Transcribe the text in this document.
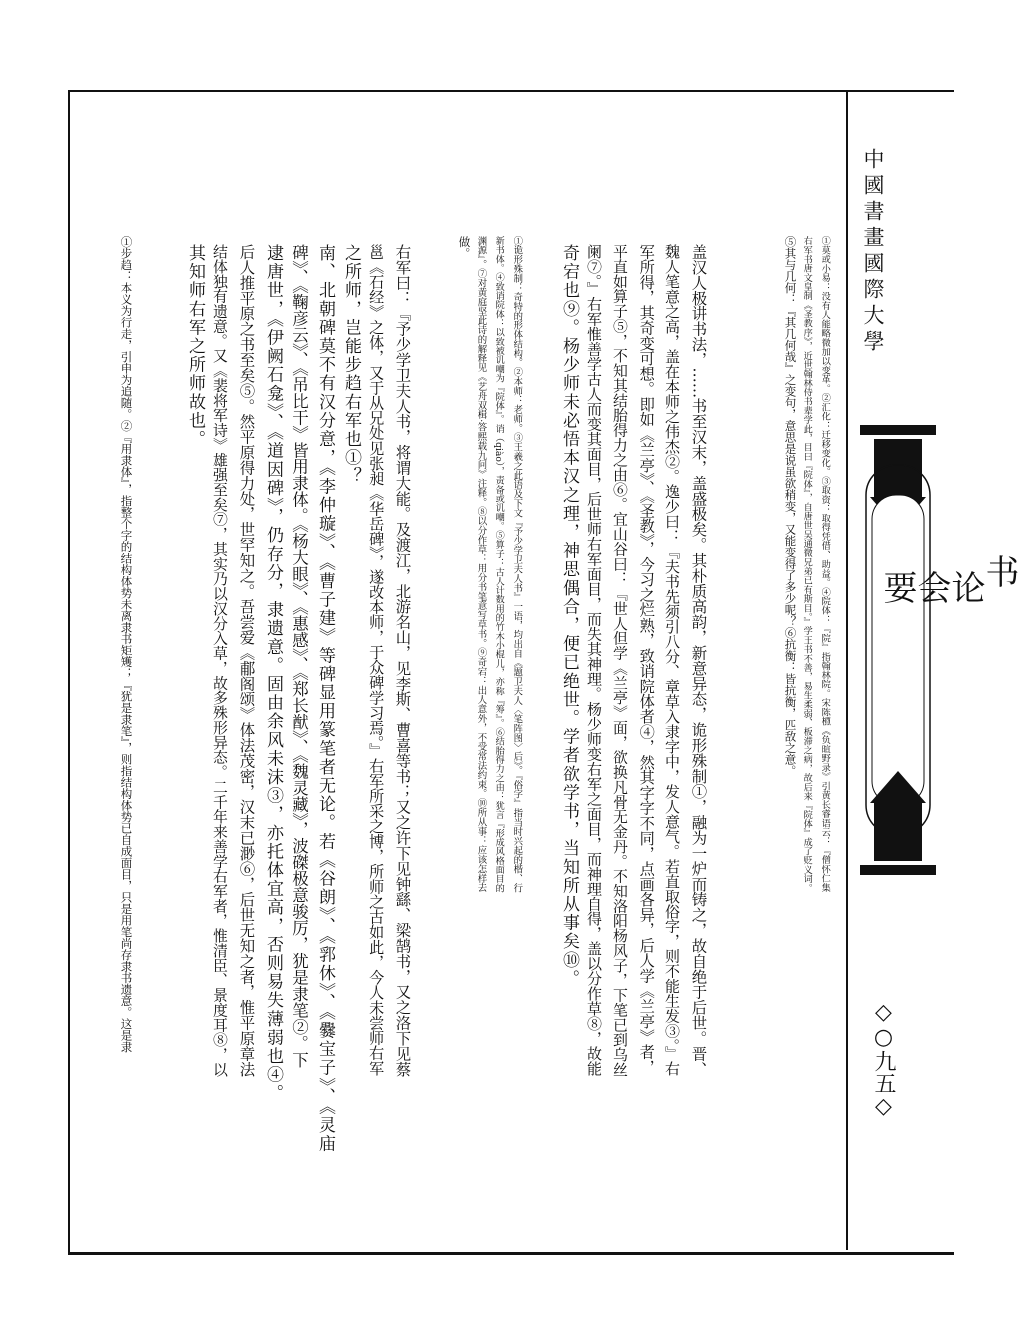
中國書畫國際大學
书
论
会
要
◇○九五◇
①莫或小易：没有人能略微加以变革。②汇化：迁移变化。③取资：取得凭借、助益。④院体：『院』指翰林院。宋陈槱《负暄野录》引黄长睿语云：『僧怀仁集
右军书唐文皇制《圣教序》，近世翰林侍书辈学此，目曰『院体』，自唐世吴通微兄弟已有斯目。』学王书不善，易生柔弱、板滞之病，故后来『院体』成了贬义词。
⑤其与几何：『其几何哉』之变句，意思是说虽欲稍变，又能变得了多少呢？⑥抗衡：皆抗衡，匹敌之意。
①诡形殊制：奇特的形体结构。②本师：老师。③王羲之此语及下文『予少学卫夫人书』一语，均出自《题卫夫人〈笔阵图〉后》。『俗字』指当时兴起的楷、行
新书体。④致诮院体：以致被讥嘲为『院体』。诮（qiào），责备或讥嘲。⑤算子：古人计数用的竹木小棍儿，亦称『筹』。⑥结胎得力之由：犹言『形成风格面目的
渊源』。⑦对黄庭坚此诗的解释见《艺舟双楫·答熙载九问》注释。⑧以分作草：用分书笔意写草书。⑨奇宕：出人意外，不受常法约束。⑩所从事：应该怎样去
做。	盖汉人极讲书法，……书至汉末，盖盛极矣。其朴质高韵，新意异态，诡形殊制①，融为一炉而铸之，故自绝于后世。晋、
魏人笔意之高，盖在本师之伟杰②。逸少曰：『夫书先须引八分、章草入隶字中，发人意气。若直取俗字，则不能生发③。』右
军所得，其奇变可想。即如《兰亭》、《圣教》，今习之烂熟，致诮院体者④，然其字字不同，点画各异，后人学《兰亭》者，
平直如算子⑤，不知其结胎得力之由⑥。宜山谷曰：『世人但学《兰亭》面，欲换凡骨无金丹。不知洛阳杨风子，下笔已到乌丝
阑⑦。』右军惟善学古人而变其面目，后世师右军面目，而失其神理。杨少师变右军之面目，而神理自得，盖以分作草⑧，故能
奇宕也⑨。杨少师未必悟本汉之理，神思偶合，便已绝世。学者欲学书，当知所从事矣⑩。
右军曰：『予少学卫夫人书，将谓大能。及渡江，北游名山，见李斯、曹喜等书；又之许下见钟繇、梁鹄书，又之洛下见蔡
邕《石经》之体，又于从兄处见张昶《华岳碑》，遂改本师，于众碑学习焉。』右军所采之博，所师之古如此，今人未尝师右军
之所师，岂能步趋右军也①？
南、北朝碑莫不有汉分意，《李仲璇》、《曹子建》等碑显用篆笔者无论。若《谷朗》、《郛休》、《爨宝子》、《灵庙
碑》、《鞠彦云》、《吊比干》皆用隶体。《杨大眼》、《惠感》、《郑长猷》、《魏灵藏》，波磔极意骏厉，犹是隶笔②。下
逮唐世，《伊阙石龛》、《道因碑》，仍存分，隶遗意。固由余风未沫③，亦托体宜高，否则易失薄弱也④。
后人推平原之书至矣⑤。然平原得力处，世罕知之。吾尝爱《郙阁颂》体法茂密，汉末已渺⑥，后世无知之者，惟平原章法
结体独有遗意。又《裴将军诗》雄强至矣⑦，其实乃以汉分入草，故多殊形异态。二千年来善学右军者，惟清臣、景度耳⑧，以
其知师右军之所师故也。
①步趋：本义为行走，引申为追随。②『用隶体』，指整个字的结构体势未离隶书矩矱；『犹是隶笔』，则指结构体势已自成面目，只是用笔尚存隶书遗意。这是隶
